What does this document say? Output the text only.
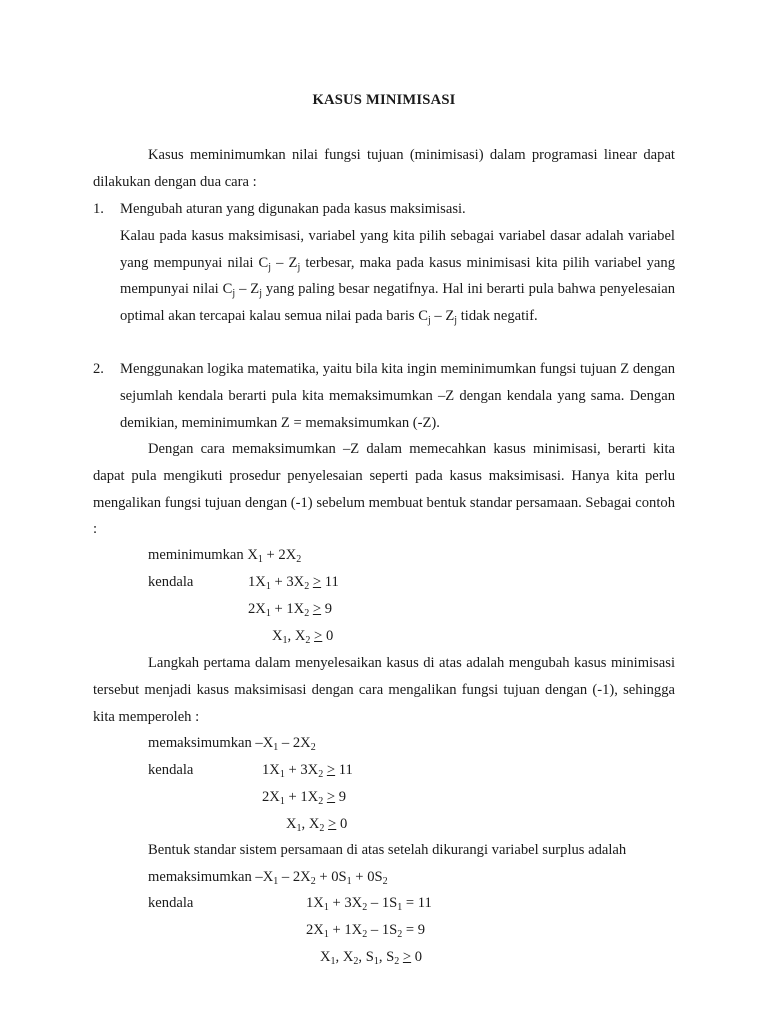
KASUS MINIMISASI

Kasus meminimumkan nilai fungsi tujuan (minimisasi) dalam programasi linear dapat dilakukan dengan dua cara :

1. Mengubah aturan yang digunakan pada kasus maksimisasi.
Kalau pada kasus maksimisasi, variabel yang kita pilih sebagai variabel dasar adalah variabel yang mempunyai nilai $C_j - Z_j$ terbesar, maka pada kasus minimisasi kita pilih variabel yang mempunyai nilai $C_j - Z_j$ yang paling besar negatifnya. Hal ini berarti pula bahwa penyelesaian optimal akan tercapai kalau semua nilai pada baris $C_j - Z_j$ tidak negatif.
2. Menggunakan logika matematika, yaitu bila kita ingin meminimumkan fungsi tujuan Z dengan sejumlah kendala berarti pula kita memaksimumkan –Z dengan kendala yang sama. Dengan demikian, meminimumkan Z = memaksimumkan (-Z).

Dengan cara memaksimumkan –Z dalam memecahkan kasus minimisasi, berarti kita dapat pula mengikuti prosedur penyelesaian seperti pada kasus maksimisasi. Hanya kita perlu mengalikan fungsi tujuan dengan (-1) sebelum membuat bentuk standar persamaan. Sebagai contoh :

meminimumkan $X_1 + 2X_2$
kendala	$1X_1 + 3X_2 \ge 11$
$2X_1 + 1X_2 \ge 9$
$X_1$, $X_2 \ge 0$

Langkah pertama dalam menyelesaikan kasus di atas adalah mengubah kasus minimisasi tersebut menjadi kasus maksimisasi dengan cara mengalikan fungsi tujuan dengan (-1), sehingga kita memperoleh :

memaksimumkan $-X_1 - 2X_2$
kendala	$1X_1 + 3X_2 \ge 11$
$2X_1 + 1X_2 \ge 9$
$X_1$, $X_2 \ge 0$
Bentuk standar sistem persamaan di atas setelah dikurangi variabel surplus adalah
memaksimumkan $-X_1 - 2X_2 + 0S_1 + 0S_2$
kendala	$1X_1 + 3X_2 - 1S_1 = 11$
$2X_1 + 1X_2 - 1S_2 = 9$
$X_1$, $X_2$, $S_1$, $S_2 \ge 0$
